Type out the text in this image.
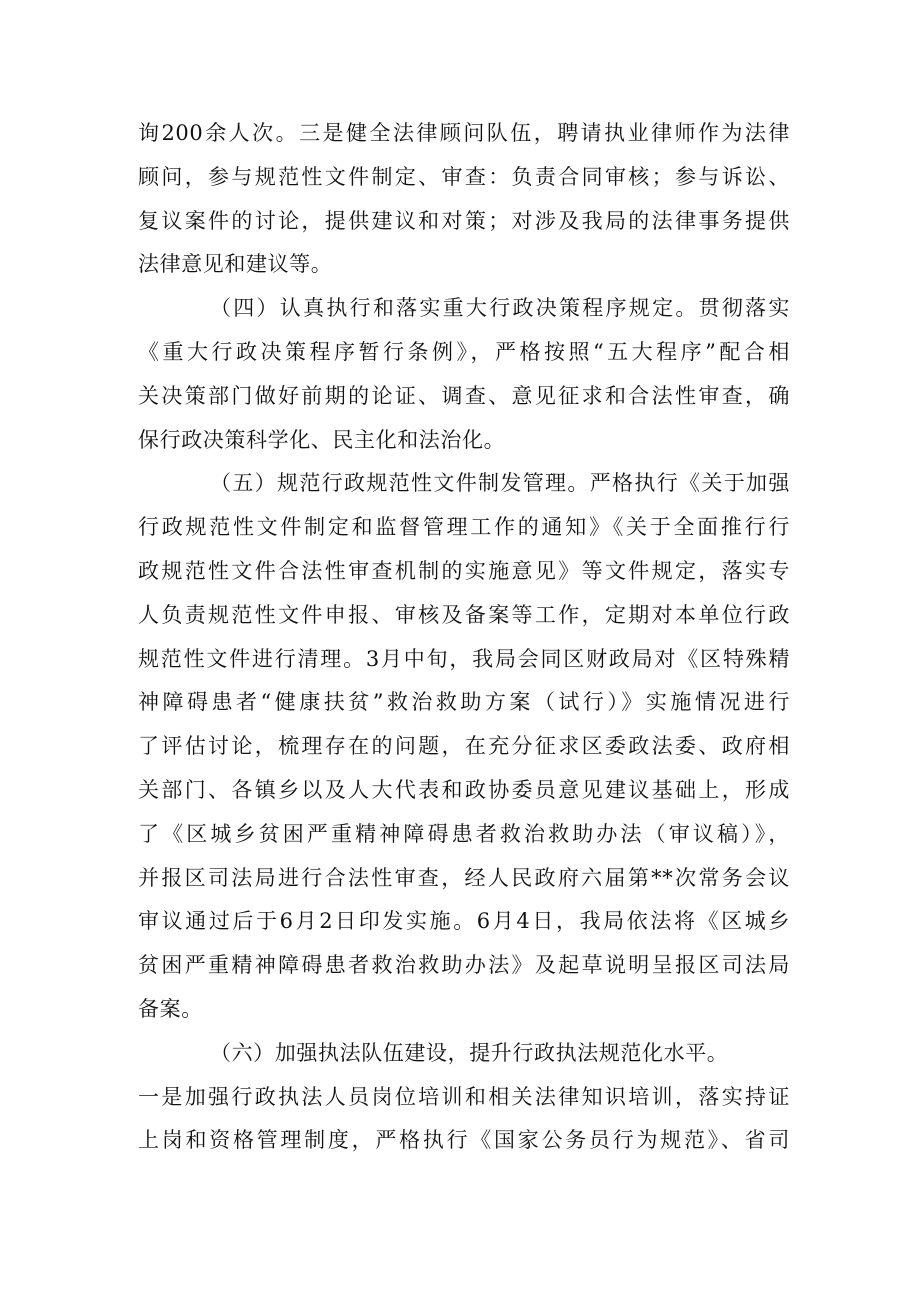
询200余人次。三是健全法律顾问队伍，聘请执业律师作为法律
顾问，参与规范性文件制定、审查：负责合同审核；参与诉讼、
复议案件的讨论，提供建议和对策；对涉及我局的法律事务提供
法律意见和建议等。
（四）认真执行和落实重大行政决策程序规定。贯彻落实
《重大行政决策程序暂行条例》，严格按照“五大程序”配合相
关决策部门做好前期的论证、调查、意见征求和合法性审查，确
保行政决策科学化、民主化和法治化。
（五）规范行政规范性文件制发管理。严格执行《关于加强
行政规范性文件制定和监督管理工作的通知》《关于全面推行行
政规范性文件合法性审查机制的实施意见》等文件规定，落实专
人负责规范性文件申报、审核及备案等工作，定期对本单位行政
规范性文件进行清理。3月中旬，我局会同区财政局对《区特殊精
神障碍患者“健康扶贫”救治救助方案（试行）》实施情况进行
了评估讨论，梳理存在的问题，在充分征求区委政法委、政府相
关部门、各镇乡以及人大代表和政协委员意见建议基础上，形成
了《区城乡贫困严重精神障碍患者救治救助办法（审议稿）》，
并报区司法局进行合法性审查，经人民政府六届第**次常务会议
审议通过后于6月2日印发实施。6月4日，我局依法将《区城乡
贫困严重精神障碍患者救治救助办法》及起草说明呈报区司法局
备案。
（六）加强执法队伍建设，提升行政执法规范化水平。
一是加强行政执法人员岗位培训和相关法律知识培训，落实持证
上岗和资格管理制度，严格执行《国家公务员行为规范》、省司
